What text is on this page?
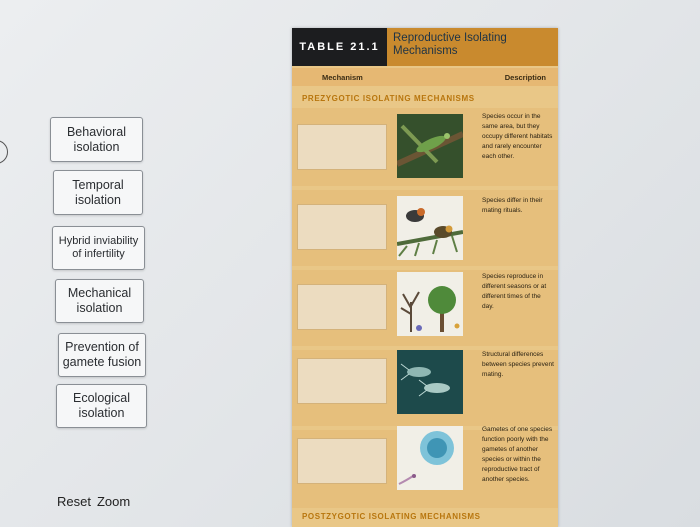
Behavioral
isolation
Temporal
isolation
Hybrid inviability
of infertility
Mechanical
isolation
Prevention of
gamete fusion
Ecological
isolation
Reset Zoom
TABLE 21.1
Reproductive Isolating Mechanisms
Mechanism	Description
PREZYGOTIC ISOLATING MECHANISMS
Species occur in the same area, but they occupy different habitats and rarely encounter each other.
Species differ in their mating rituals.
Species reproduce in different seasons or at different times of the day.
Structural differences between species prevent mating.
Gametes of one species function poorly with the gametes of another species or within the reproductive tract of another species.
POSTZYGOTIC ISOLATING MECHANISMS
